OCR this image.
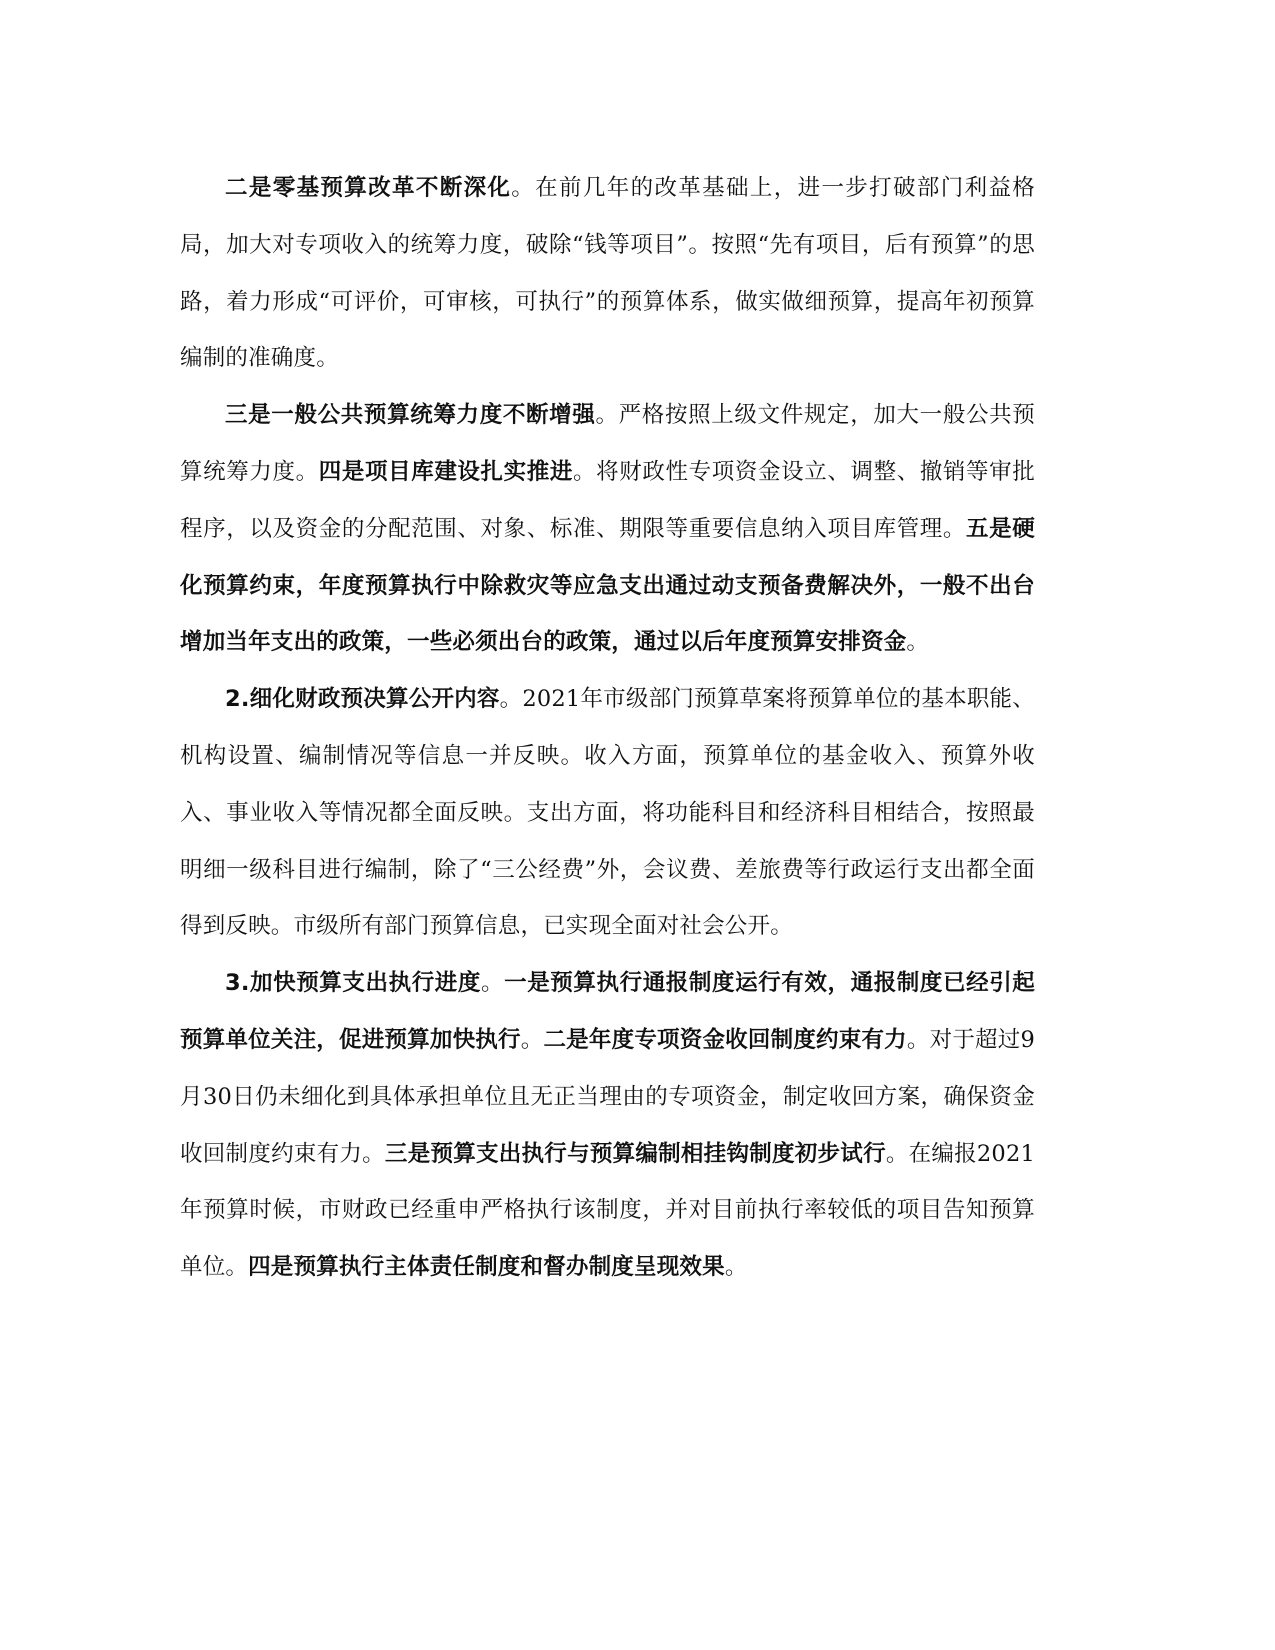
二是零基预算改革不断深化。在前几年的改革基础上，进一步打破部门利益格局，加大对专项收入的统筹力度，破除“钱等项目”。按照“先有项目，后有预算”的思路，着力形成“可评价，可审核，可执行”的预算体系，做实做细预算，提高年初预算编制的准确度。

三是一般公共预算统筹力度不断增强。严格按照上级文件规定，加大一般公共预算统筹力度。四是项目库建设扎实推进。将财政性专项资金设立、调整、撤销等审批程序，以及资金的分配范围、对象、标准、期限等重要信息纳入项目库管理。五是硬化预算约束，年度预算执行中除救灾等应急支出通过动支预备费解决外，一般不出台增加当年支出的政策，一些必须出台的政策，通过以后年度预算安排资金。

2.细化财政预决算公开内容。2021年市级部门预算草案将预算单位的基本职能、机构设置、编制情况等信息一并反映。收入方面，预算单位的基金收入、预算外收入、事业收入等情况都全面反映。支出方面，将功能科目和经济科目相结合，按照最明细一级科目进行编制，除了“三公经费”外，会议费、差旅费等行政运行支出都全面得到反映。市级所有部门预算信息，已实现全面对社会公开。

3.加快预算支出执行进度。一是预算执行通报制度运行有效，通报制度已经引起预算单位关注，促进预算加快执行。二是年度专项资金收回制度约束有力。对于超过9月30日仍未细化到具体承担单位且无正当理由的专项资金，制定收回方案，确保资金收回制度约束有力。三是预算支出执行与预算编制相挂钩制度初步试行。在编报2021年预算时候，市财政已经重申严格执行该制度，并对目前执行率较低的项目告知预算单位。四是预算执行主体责任制度和督办制度呈现效果。
